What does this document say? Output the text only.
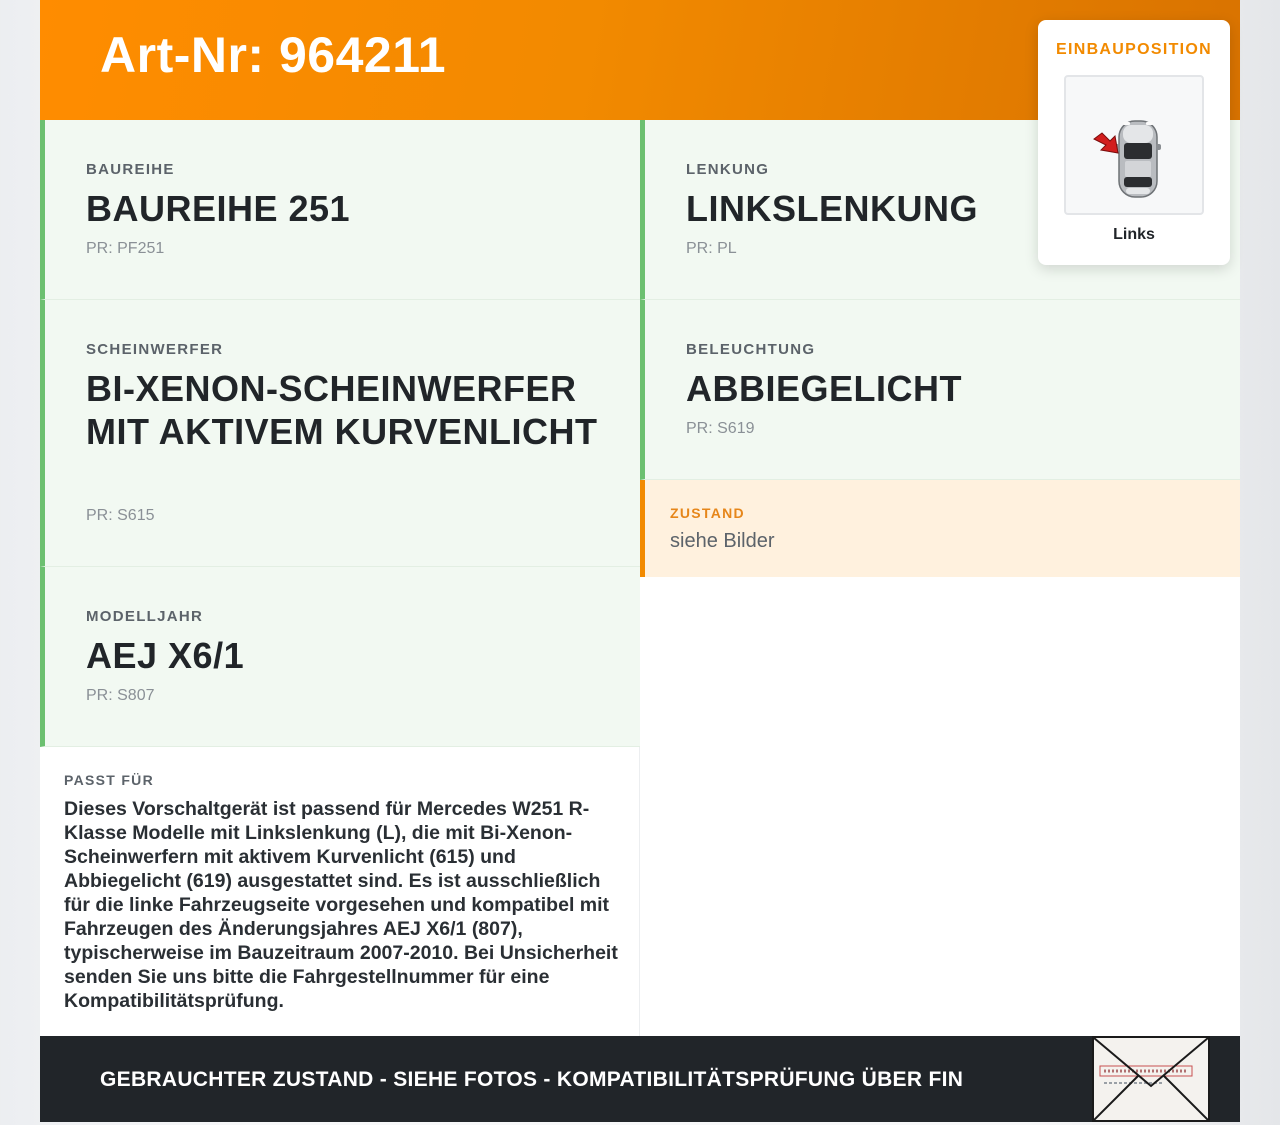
Art-Nr: 964211
BAUREIHE
BAUREIHE 251
PR: PF251
LENKUNG
LINKSLENKUNG
PR: PL
SCHEINWERFER
BI-XENON-SCHEINWERFER MIT AKTIVEM KURVENLICHT
PR: S615
BELEUCHTUNG
ABBIEGELICHT
PR: S619
MODELLJAHR
AEJ X6/1
PR: S807
ZUSTAND
siehe Bilder
PASST FÜR
Dieses Vorschaltgerät ist passend für Mercedes W251 R-Klasse Modelle mit Linkslenkung (L), die mit Bi-Xenon-Scheinwerfern mit aktivem Kurvenlicht (615) und Abbiegelicht (619) ausgestattet sind. Es ist ausschließlich für die linke Fahrzeugseite vorgesehen und kompatibel mit Fahrzeugen des Änderungsjahres AEJ X6/1 (807), typischerweise im Bauzeitraum 2007-2010. Bei Unsicherheit senden Sie uns bitte die Fahrgestellnummer für eine Kompatibilitätsprüfung.
GEBRAUCHTER ZUSTAND - SIEHE FOTOS - KOMPATIBILITÄTSPRÜFUNG ÜBER FIN
EINBAUPOSITION
Links
